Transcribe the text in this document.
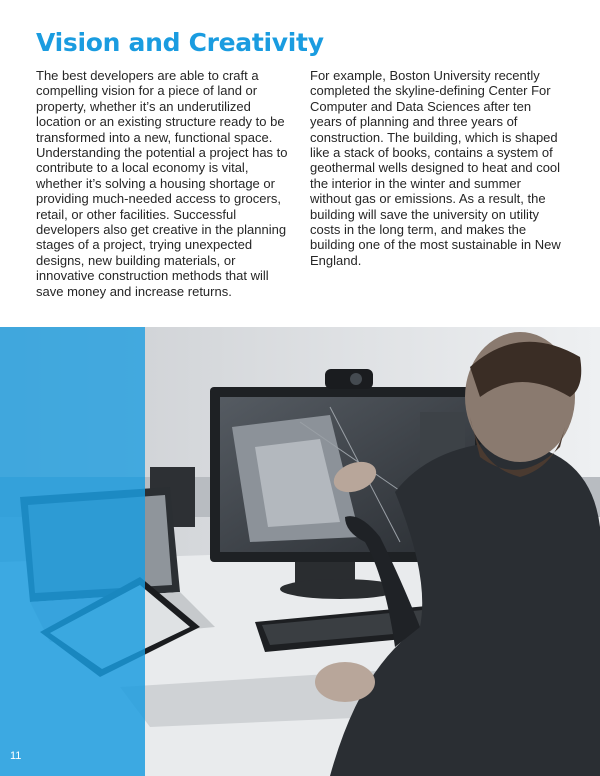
Vision and Creativity

The best developers are able to craft a compelling vision for a piece of land or property, whether it’s an underutilized location or an existing structure ready to be transformed into a new, functional space. Understanding the potential a project has to contribute to a local economy is vital, whether it’s solving a housing shortage or providing much-needed access to grocers, retail, or other facilities. Successful developers also get creative in the planning stages of a project, trying unexpected designs, new building materials, or innovative construction methods that will save money and increase returns.

For example, Boston University recently completed the skyline-defining Center For Computer and Data Sciences after ten years of planning and three years of construction. The building, which is shaped like a stack of books, contains a system of geothermal wells designed to heat and cool the interior in the winter and summer without gas or emissions. As a result, the building will save the university on utility costs in the long term, and makes the building one of the most sustainable in New England.

11
